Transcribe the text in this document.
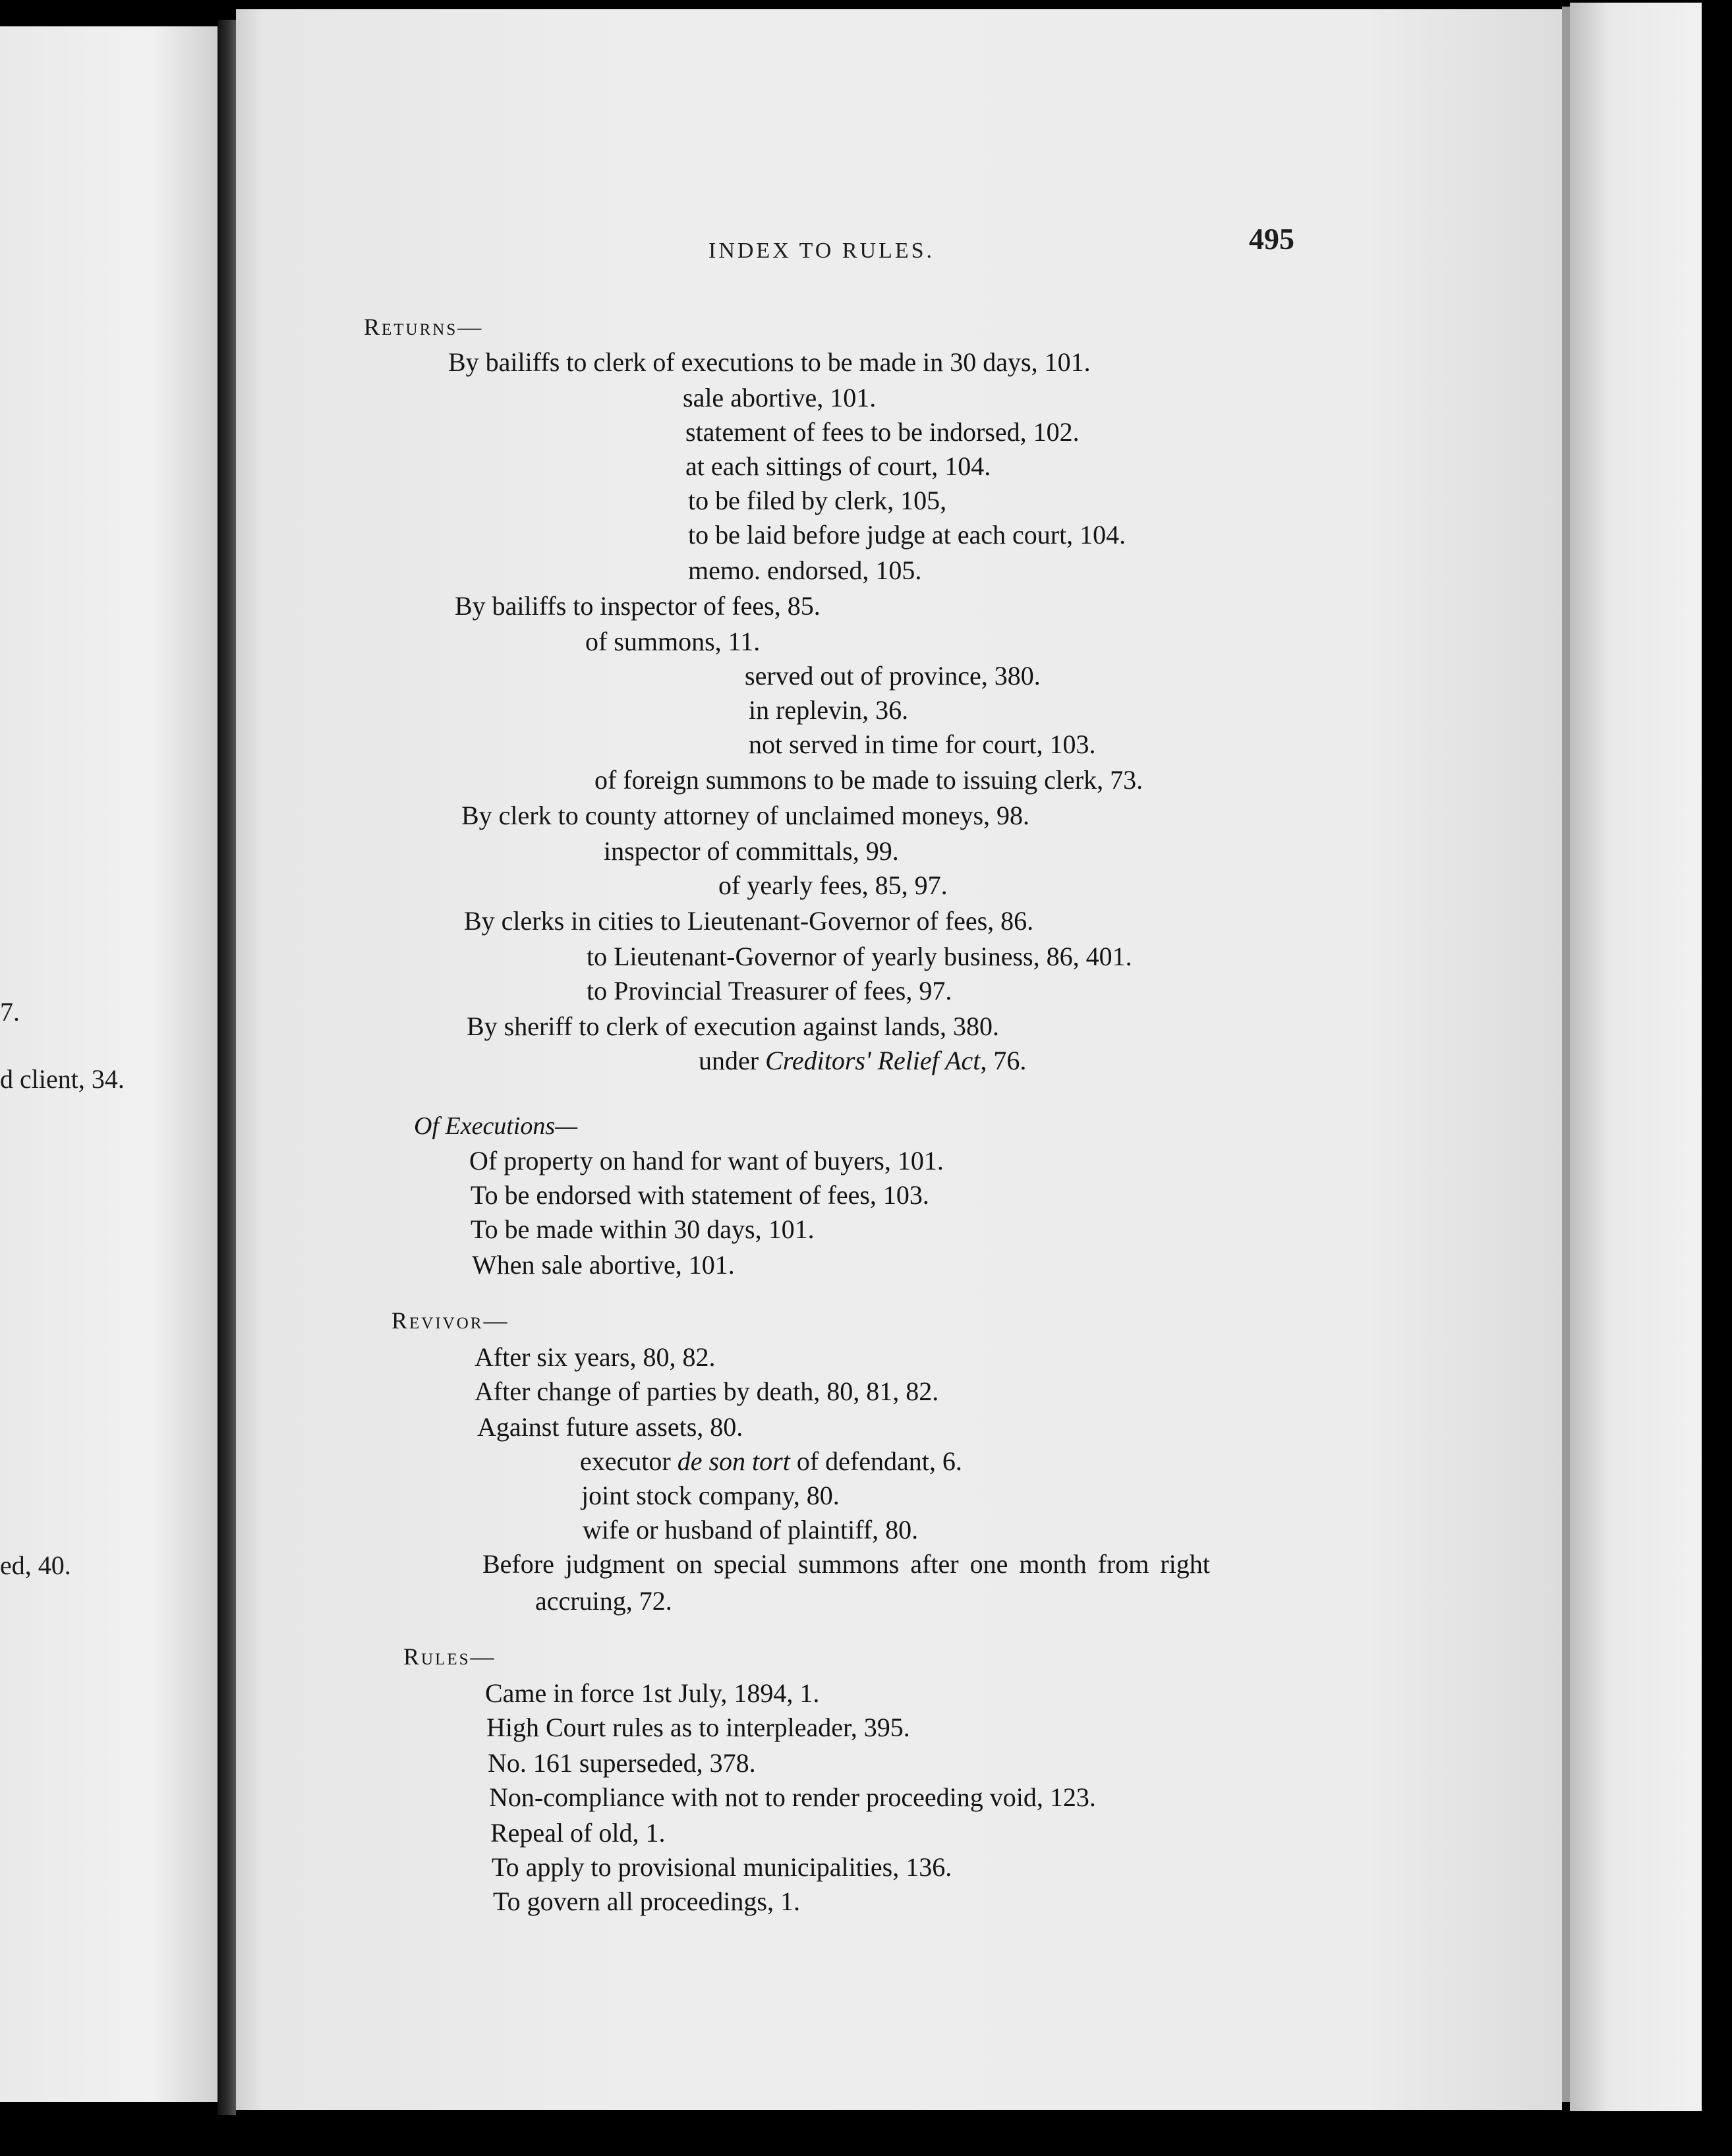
7.
d client, 34.
ed, 40.
INDEX TO RULES.	495
Returns—
By bailiffs to clerk of executions to be made in 30 days, 101.
sale abortive, 101.
statement of fees to be indorsed, 102.
at each sittings of court, 104.
to be filed by clerk, 105,
to be laid before judge at each court, 104.
memo. endorsed, 105.
By bailiffs to inspector of fees, 85.
of summons, 11.
served out of province, 380.
in replevin, 36.
not served in time for court, 103.
of foreign summons to be made to issuing clerk, 73.
By clerk to county attorney of unclaimed moneys, 98.
inspector of committals, 99.
of yearly fees, 85, 97.
By clerks in cities to Lieutenant-Governor of fees, 86.
to Lieutenant-Governor of yearly business, 86, 401.
to Provincial Treasurer of fees, 97.
By sheriff to clerk of execution against lands, 380.
under Creditors' Relief Act, 76.
Of Executions—
Of property on hand for want of buyers, 101.
To be endorsed with statement of fees, 103.
To be made within 30 days, 101.
When sale abortive, 101.
Revivor—
After six years, 80, 82.
After change of parties by death, 80, 81, 82.
Against future assets, 80.
executor de son tort of defendant, 6.
joint stock company, 80.
wife or husband of plaintiff, 80.
Before judgment on special summons after one month from right
accruing, 72.
Rules—
Came in force 1st July, 1894, 1.
High Court rules as to interpleader, 395.
No. 161 superseded, 378.
Non-compliance with not to render proceeding void, 123.
Repeal of old, 1.
To apply to provisional municipalities, 136.
To govern all proceedings, 1.
